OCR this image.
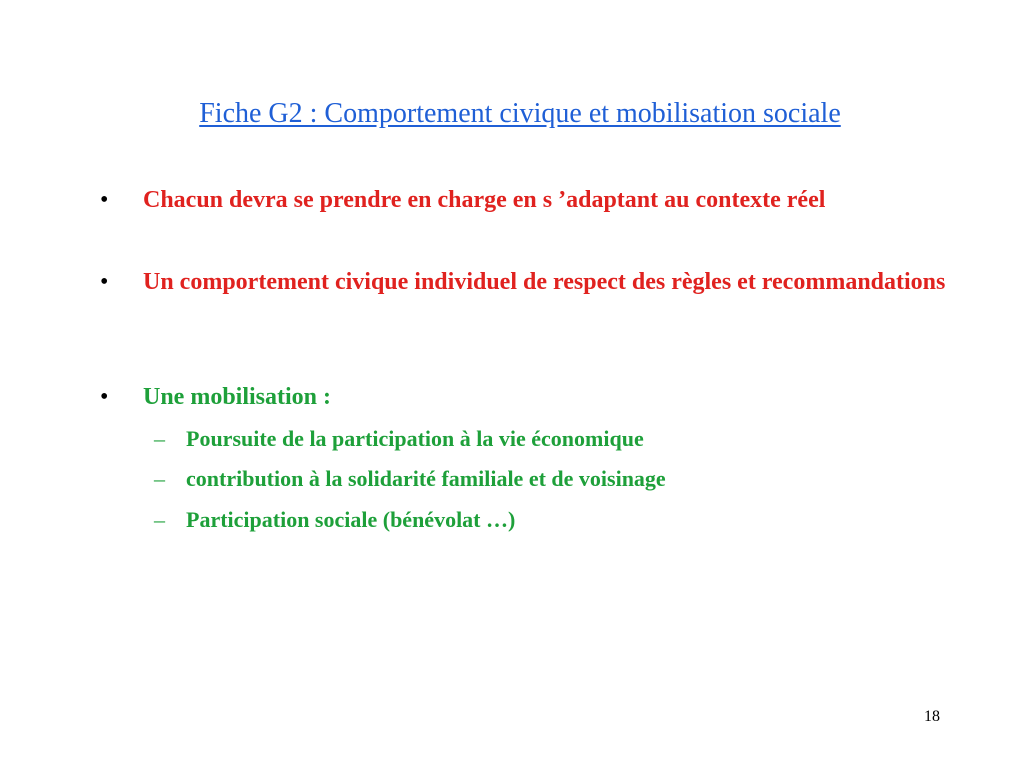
Fiche G2 : Comportement civique et mobilisation sociale
•	Chacun devra se prendre en charge en s ’adaptant au contexte réel
•	Un comportement civique individuel de respect des règles et recommandations
•	Une mobilisation :
– Poursuite de la participation à la vie économique
– contribution à la solidarité familiale et de voisinage
– Participation sociale (bénévolat …)
18
